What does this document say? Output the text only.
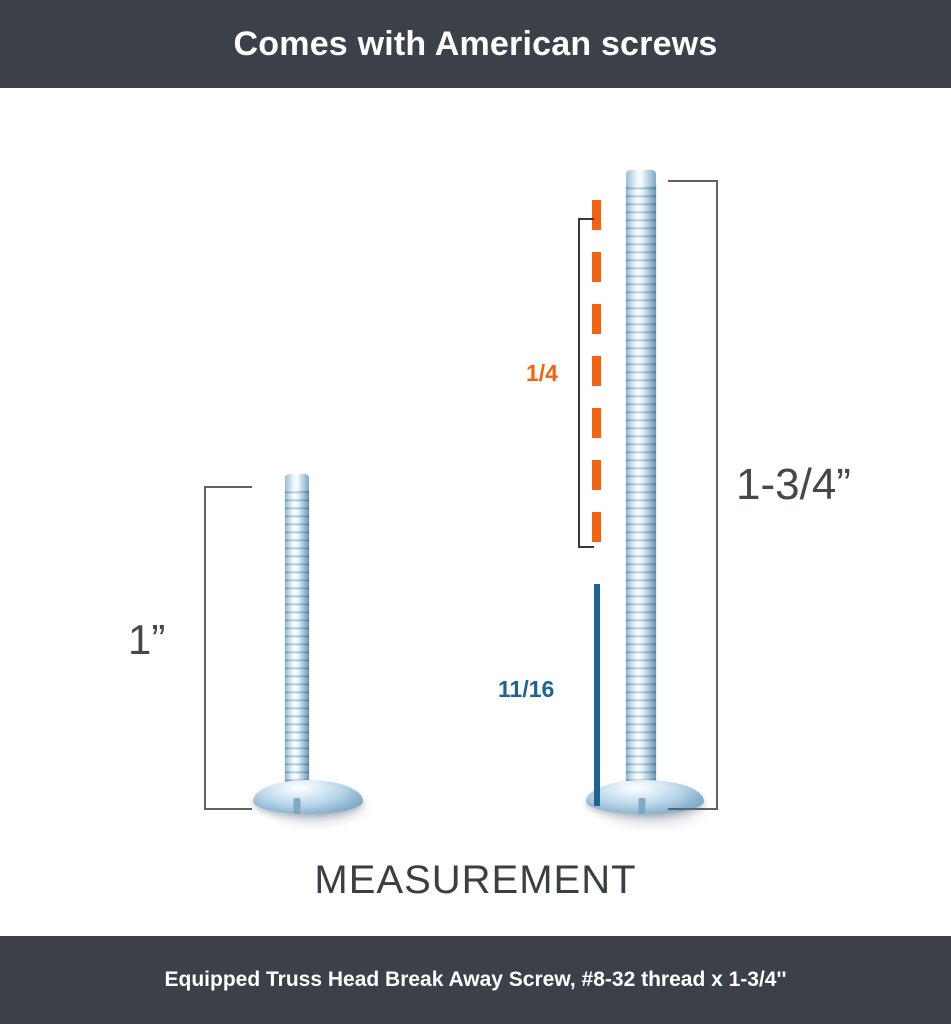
Comes with American screws
1”
1-3/4”
1/4
11/16
MEASUREMENT
Equipped Truss Head Break Away Screw, #8-32 thread x 1-3/4''
